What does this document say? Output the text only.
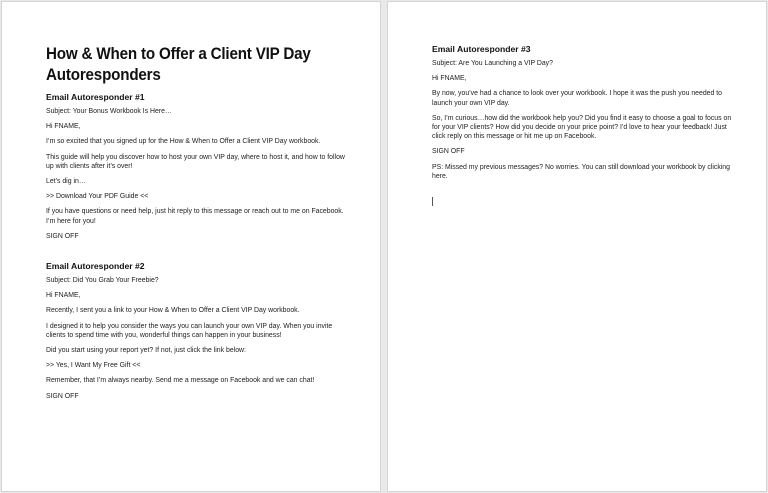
How & When to Offer a Client VIP Day Autoresponders
Email Autoresponder #1
Subject: Your Bonus Workbook Is Here…
Hi FNAME,
I’m so excited that you signed up for the How & When to Offer a Client VIP Day workbook.
This guide will help you discover how to host your own VIP day, where to host it, and how to follow up with clients after it’s over!
Let’s dig in…
>> Download Your PDF Guide <<
If you have questions or need help, just hit reply to this message or reach out to me on Facebook. I’m here for you!
SIGN OFF
Email Autoresponder #2
Subject: Did You Grab Your Freebie?
Hi FNAME,
Recently, I sent you a link to your How & When to Offer a Client VIP Day workbook.
I designed it to help you consider the ways you can launch your own VIP day. When you invite clients to spend time with you, wonderful things can happen in your business!
Did you start using your report yet? If not, just click the link below:
>> Yes, I Want My Free Gift <<
Remember, that I’m always nearby. Send me a message on Facebook and we can chat!
SIGN OFF
Email Autoresponder #3
Subject: Are You Launching a VIP Day?
Hi FNAME,
By now, you’ve had a chance to look over your workbook. I hope it was the push you needed to launch your own VIP day.
So, I’m curious…how did the workbook help you? Did you find it easy to choose a goal to focus on for your VIP clients? How did you decide on your price point? I’d love to hear your feedback! Just click reply on this message or hit me up on Facebook.
SIGN OFF
PS: Missed my previous messages? No worries. You can still download your workbook by clicking here.
